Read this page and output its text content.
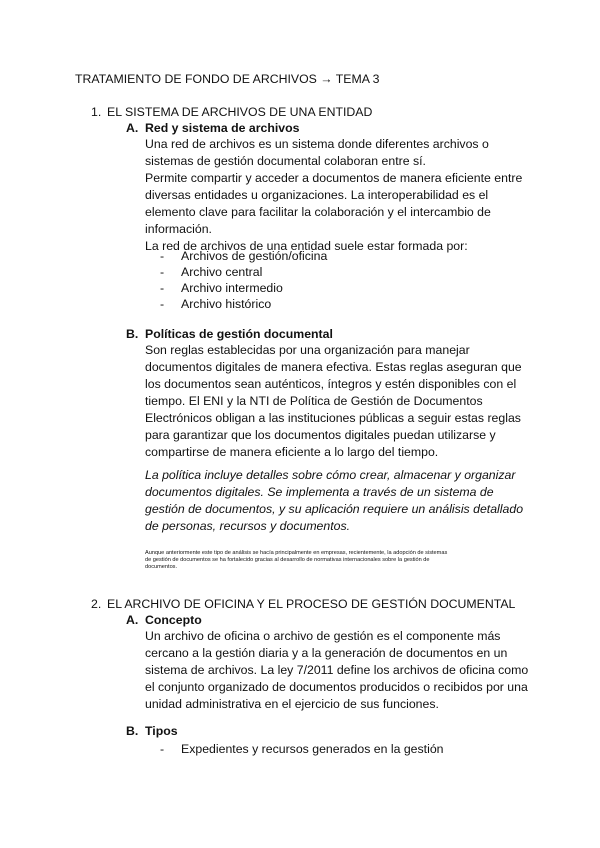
TRATAMIENTO DE FONDO DE ARCHIVOS → TEMA 3
1. EL SISTEMA DE ARCHIVOS DE UNA ENTIDAD
A. Red y sistema de archivos
Una red de archivos es un sistema donde diferentes archivos o
sistemas de gestión documental colaboran entre sí.
Permite compartir y acceder a documentos de manera eficiente entre
diversas entidades u organizaciones. La interoperabilidad es el
elemento clave para facilitar la colaboración y el intercambio de
información.
La red de archivos de una entidad suele estar formada por:
- Archivos de gestión/oficina
- Archivo central
- Archivo intermedio
- Archivo histórico
B. Políticas de gestión documental
Son reglas establecidas por una organización para manejar
documentos digitales de manera efectiva. Estas reglas aseguran que
los documentos sean auténticos, íntegros y estén disponibles con el
tiempo. El ENI y la NTI de Política de Gestión de Documentos
Electrónicos obligan a las instituciones públicas a seguir estas reglas
para garantizar que los documentos digitales puedan utilizarse y
compartirse de manera eficiente a lo largo del tiempo.
La política incluye detalles sobre cómo crear, almacenar y organizar
documentos digitales. Se implementa a través de un sistema de
gestión de documentos, y su aplicación requiere un análisis detallado
de personas, recursos y documentos.
Aunque anteriormente este tipo de análisis se hacía principalmente en empresas, recientemente, la adopción de sistemas
de gestión de documentos se ha fortalecido gracias al desarrollo de normativas internacionales sobre la gestión de
documentos.
2. EL ARCHIVO DE OFICINA Y EL PROCESO DE GESTIÓN DOCUMENTAL
A. Concepto
Un archivo de oficina o archivo de gestión es el componente más
cercano a la gestión diaria y a la generación de documentos en un
sistema de archivos. La ley 7/2011 define los archivos de oficina como
el conjunto organizado de documentos producidos o recibidos por una
unidad administrativa en el ejercicio de sus funciones.
B. Tipos
- Expedientes y recursos generados en la gestión
